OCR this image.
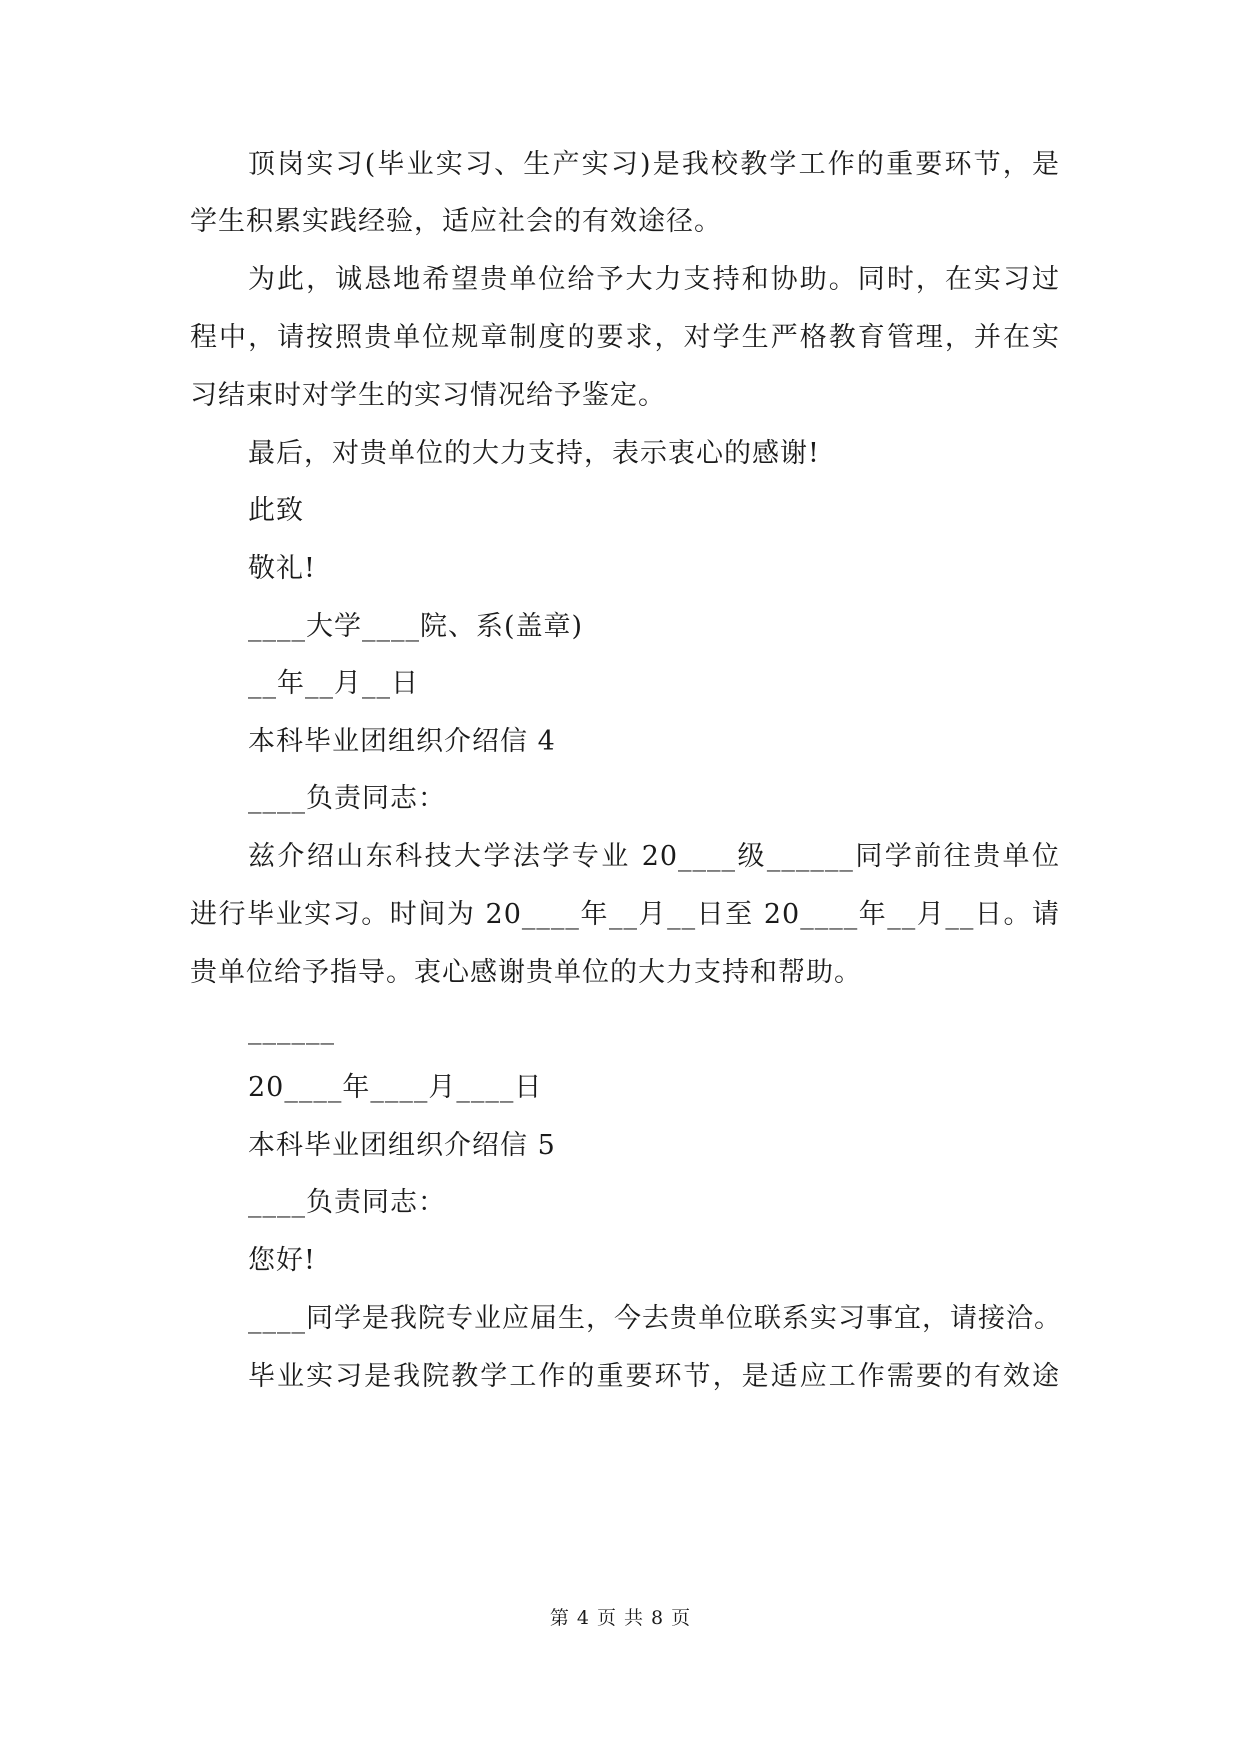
顶岗实习(毕业实习、生产实习)是我校教学工作的重要环节，是
学生积累实践经验，适应社会的有效途径。
为此，诚恳地希望贵单位给予大力支持和协助。同时，在实习过
程中，请按照贵单位规章制度的要求，对学生严格教育管理，并在实
习结束时对学生的实习情况给予鉴定。
最后，对贵单位的大力支持，表示衷心的感谢!
此致
敬礼!
____大学____院、系(盖章)
__年__月__日
本科毕业团组织介绍信 4
____负责同志：
兹介绍山东科技大学法学专业 20____级______同学前往贵单位
进行毕业实习。时间为 20____年__月__日至 20____年__月__日。请
贵单位给予指导。衷心感谢贵单位的大力支持和帮助。
______
20____年____月____日
本科毕业团组织介绍信 5
____负责同志：
您好!
____同学是我院专业应届生，今去贵单位联系实习事宜，请接洽。
毕业实习是我院教学工作的重要环节，是适应工作需要的有效途
第 4 页 共 8 页
